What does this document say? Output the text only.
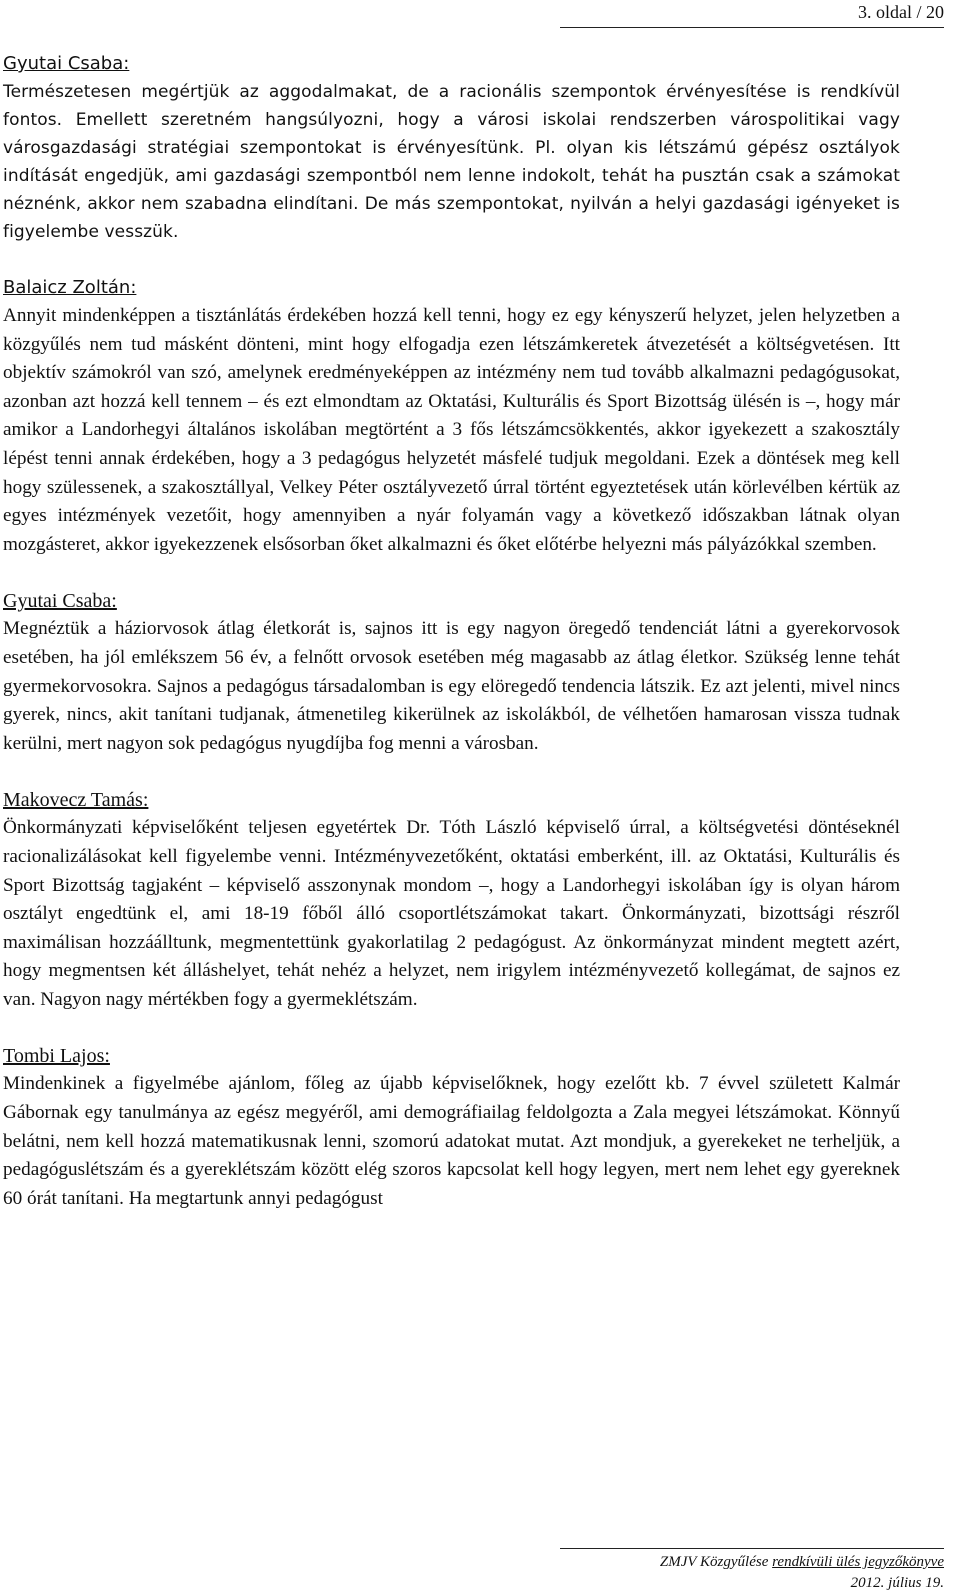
3. oldal / 20
Gyutai Csaba:

Természetesen megértjük az aggodalmakat, de a racionális szempontok érvényesítése is rendkívül fontos. Emellett szeretném hangsúlyozni, hogy a városi iskolai rendszerben várospolitikai vagy városgazdasági stratégiai szempontokat is érvényesítünk. Pl. olyan kis létszámú gépész osztályok indítását engedjük, ami gazdasági szempontból nem lenne indokolt, tehát ha pusztán csak a számokat néznénk, akkor nem szabadna elindítani. De más szempontokat, nyilván a helyi gazdasági igényeket is figyelembe vesszük.

Balaicz Zoltán:

Annyit mindenképpen a tisztánlátás érdekében hozzá kell tenni, hogy ez egy kényszerű helyzet, jelen helyzetben a közgyűlés nem tud másként dönteni, mint hogy elfogadja ezen létszámkeretek átvezetését a költségvetésen. Itt objektív számokról van szó, amelynek eredményeképpen az intézmény nem tud tovább alkalmazni pedagógusokat, azonban azt hozzá kell tennem – és ezt elmondtam az Oktatási, Kulturális és Sport Bizottság ülésén is –, hogy már amikor a Landorhegyi általános iskolában megtörtént a 3 fős létszámcsökkentés, akkor igyekezett a szakosztály lépést tenni annak érdekében, hogy a 3 pedagógus helyzetét másfelé tudjuk megoldani. Ezek a döntések meg kell hogy szülessenek, a szakosztállyal, Velkey Péter osztályvezető úrral történt egyeztetések után körlevélben kértük az egyes intézmények vezetőit, hogy amennyiben a nyár folyamán vagy a következő időszakban látnak olyan mozgásteret, akkor igyekezzenek elsősorban őket alkalmazni és őket előtérbe helyezni más pályázókkal szemben.

Gyutai Csaba:

Megnéztük a háziorvosok átlag életkorát is, sajnos itt is egy nagyon öregedő tendenciát látni a gyerekorvosok esetében, ha jól emlékszem 56 év, a felnőtt orvosok esetében még magasabb az átlag életkor. Szükség lenne tehát gyermekorvosokra. Sajnos a pedagógus társadalomban is egy elöregedő tendencia látszik. Ez azt jelenti, mivel nincs gyerek, nincs, akit tanítani tudjanak, átmenetileg kikerülnek az iskolákból, de vélhetően hamarosan vissza tudnak kerülni, mert nagyon sok pedagógus nyugdíjba fog menni a városban.

Makovecz Tamás:

Önkormányzati képviselőként teljesen egyetértek Dr. Tóth László képviselő úrral, a költségvetési döntéseknél racionalizálásokat kell figyelembe venni. Intézményvezetőként, oktatási emberként, ill. az Oktatási, Kulturális és Sport Bizottság tagjaként – képviselő asszonynak mondom –, hogy a Landorhegyi iskolában így is olyan három osztályt engedtünk el, ami 18-19 főből álló csoportlétszámokat takart. Önkormányzati, bizottsági részről maximálisan hozzáálltunk, megmentettünk gyakorlatilag 2 pedagógust. Az önkormányzat mindent megtett azért, hogy megmentsen két álláshelyet, tehát nehéz a helyzet, nem irigylem intézményvezető kollegámat, de sajnos ez van. Nagyon nagy mértékben fogy a gyermeklétszám.

Tombi Lajos:

Mindenkinek a figyelmébe ajánlom, főleg az újabb képviselőknek, hogy ezelőtt kb. 7 évvel született Kalmár Gábornak egy tanulmánya az egész megyéről, ami demográfiailag feldolgozta a Zala megyei létszámokat. Könnyű belátni, nem kell hozzá matematikusnak lenni, szomorú adatokat mutat. Azt mondjuk, a gyerekeket ne terheljük, a pedagóguslétszám és a gyereklétszám között elég szoros kapcsolat kell hogy legyen, mert nem lehet egy gyereknek 60 órát tanítani. Ha megtartunk annyi pedagógust

ZMJV Közgyűlése rendkívüli ülés jegyzőkönyve
2012. július 19.
